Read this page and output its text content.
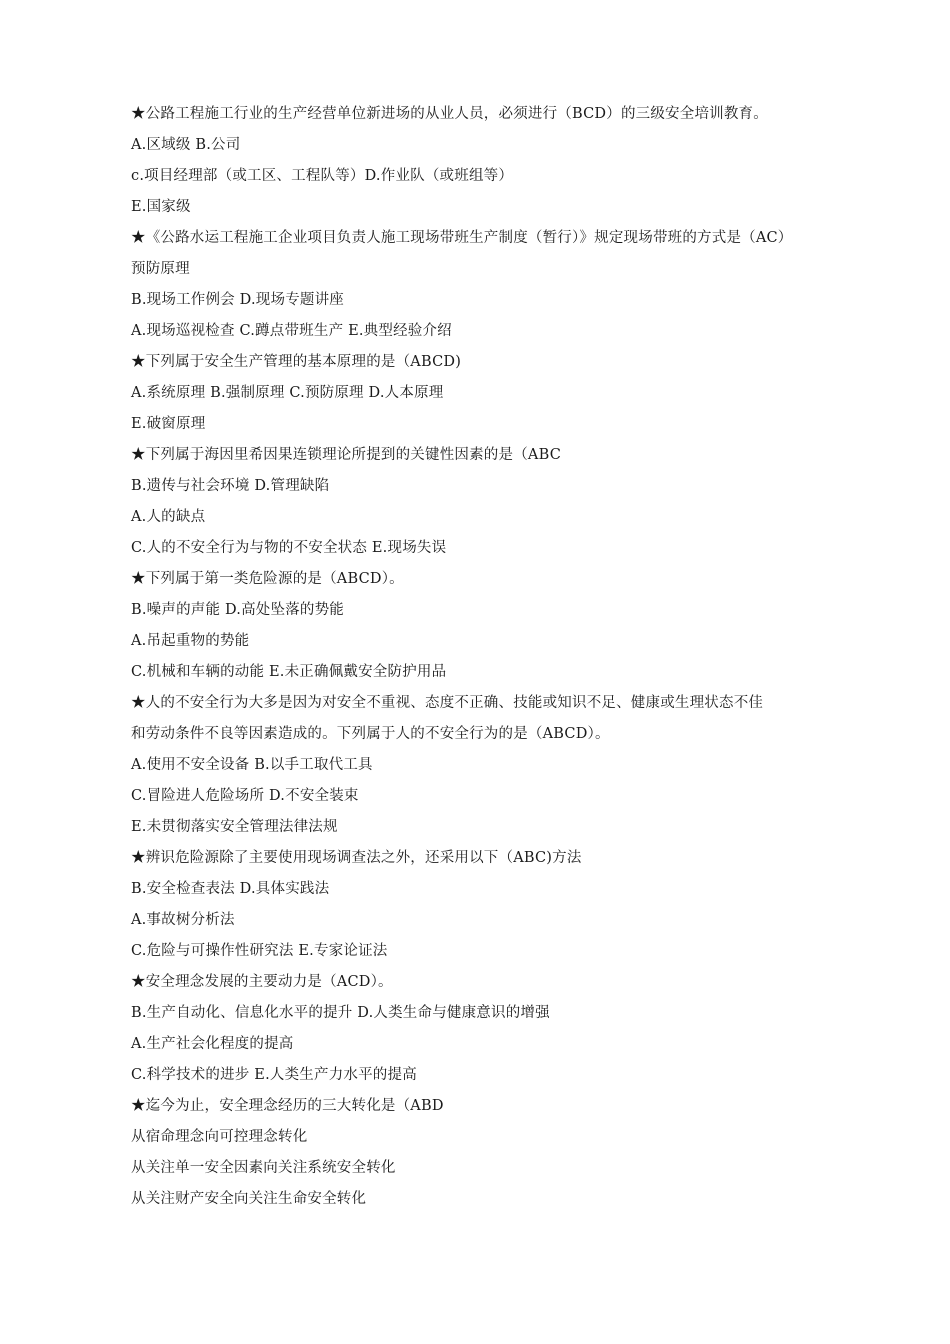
★公路工程施工行业的生产经营单位新进场的从业人员，必须进行（BCD）的三级安全培训教育。
A.区域级 B.公司
c.项目经理部（或工区、工程队等）D.作业队（或班组等）
E.国家级
★《公路水运工程施工企业项目负责人施工现场带班生产制度（暂行）》规定现场带班的方式是（AC）
预防原理
B.现场工作例会 D.现场专题讲座
A.现场巡视检查 C.蹲点带班生产 E.典型经验介绍
★下列属于安全生产管理的基本原理的是（ABCD)
A.系统原理 B.强制原理 C.预防原理 D.人本原理
E.破窗原理
★下列属于海因里希因果连锁理论所提到的关键性因素的是（ABC
B.遗传与社会环境 D.管理缺陷
A.人的缺点
C.人的不安全行为与物的不安全状态 E.现场失误
★下列属于第一类危险源的是（ABCD）。
B.噪声的声能 D.高处坠落的势能
A.吊起重物的势能
C.机械和车辆的动能 E.未正确佩戴安全防护用品
★人的不安全行为大多是因为对安全不重视、态度不正确、技能或知识不足、健康或生理状态不佳
和劳动条件不良等因素造成的。下列属于人的不安全行为的是（ABCD）。
A.使用不安全设备 B.以手工取代工具
C.冒险进人危险场所 D.不安全装束
E.未贯彻落实安全管理法律法规
★辨识危险源除了主要使用现场调查法之外，还采用以下（ABC)方法
B.安全检查表法 D.具体实践法
A.事故树分析法
C.危险与可操作性研究法 E.专家论证法
★安全理念发展的主要动力是（ACD）。
B.生产自动化、信息化水平的提升 D.人类生命与健康意识的增强
A.生产社会化程度的提高
C.科学技术的进步 E.人类生产力水平的提高
★迄今为止，安全理念经历的三大转化是（ABD
从宿命理念向可控理念转化
从关注单一安全因素向关注系统安全转化
从关注财产安全向关注生命安全转化
